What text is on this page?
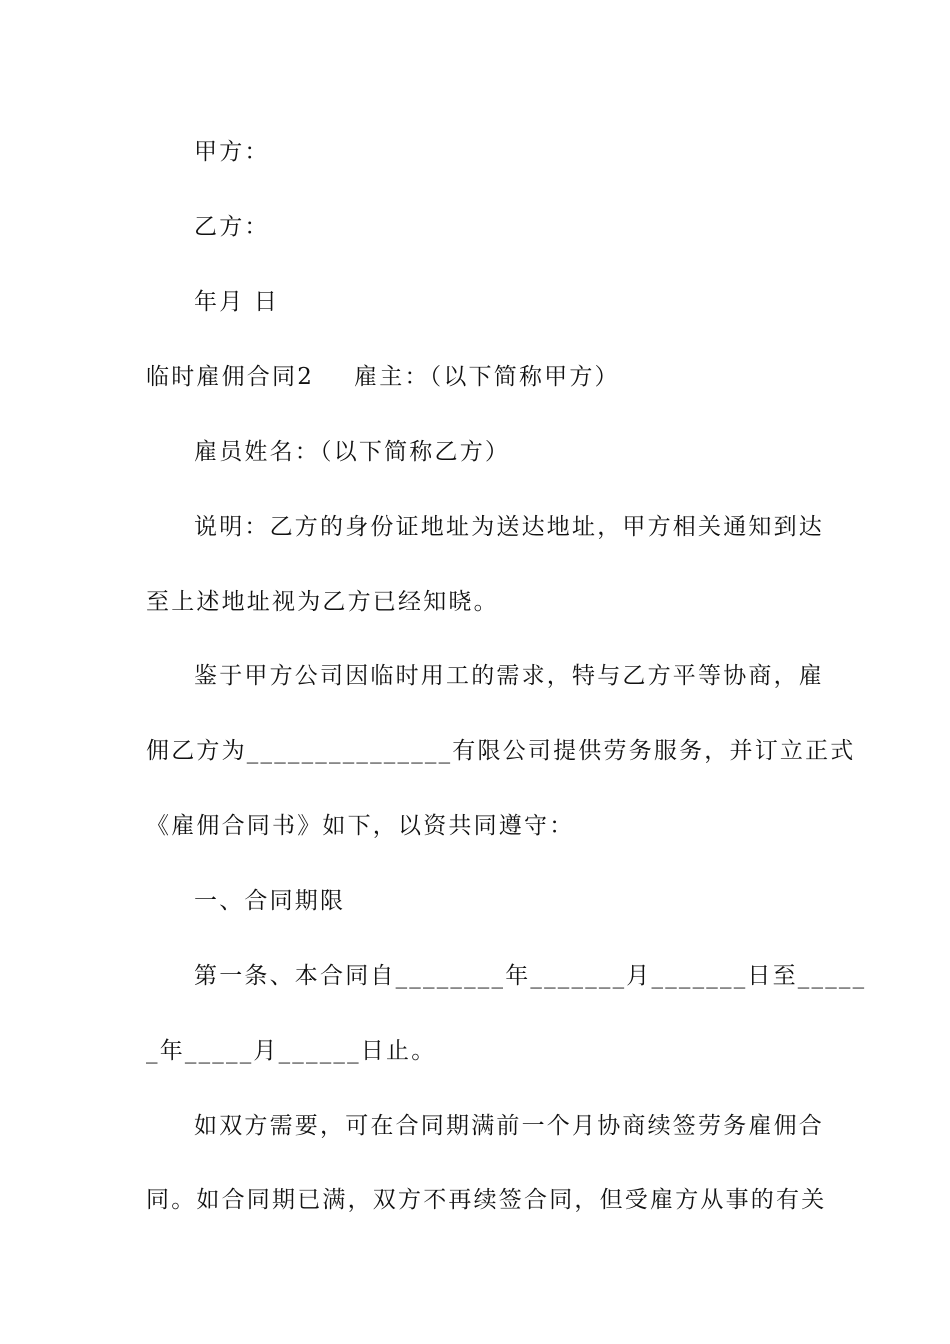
甲方：
乙方：
年月 日
临时雇佣合同2 雇主：（以下简称甲方）
雇员姓名：（以下简称乙方）
说明：乙方的身份证地址为送达地址，甲方相关通知到达
至上述地址视为乙方已经知晓。
鉴于甲方公司因临时用工的需求，特与乙方平等协商，雇
佣乙方为_______________有限公司提供劳务服务，并订立正式
《雇佣合同书》如下，以资共同遵守：
一、合同期限
第一条、本合同自________年_______月_______日至_____
_年_____月______日止。
如双方需要，可在合同期满前一个月协商续签劳务雇佣合
同。如合同期已满，双方不再续签合同，但受雇方从事的有关
